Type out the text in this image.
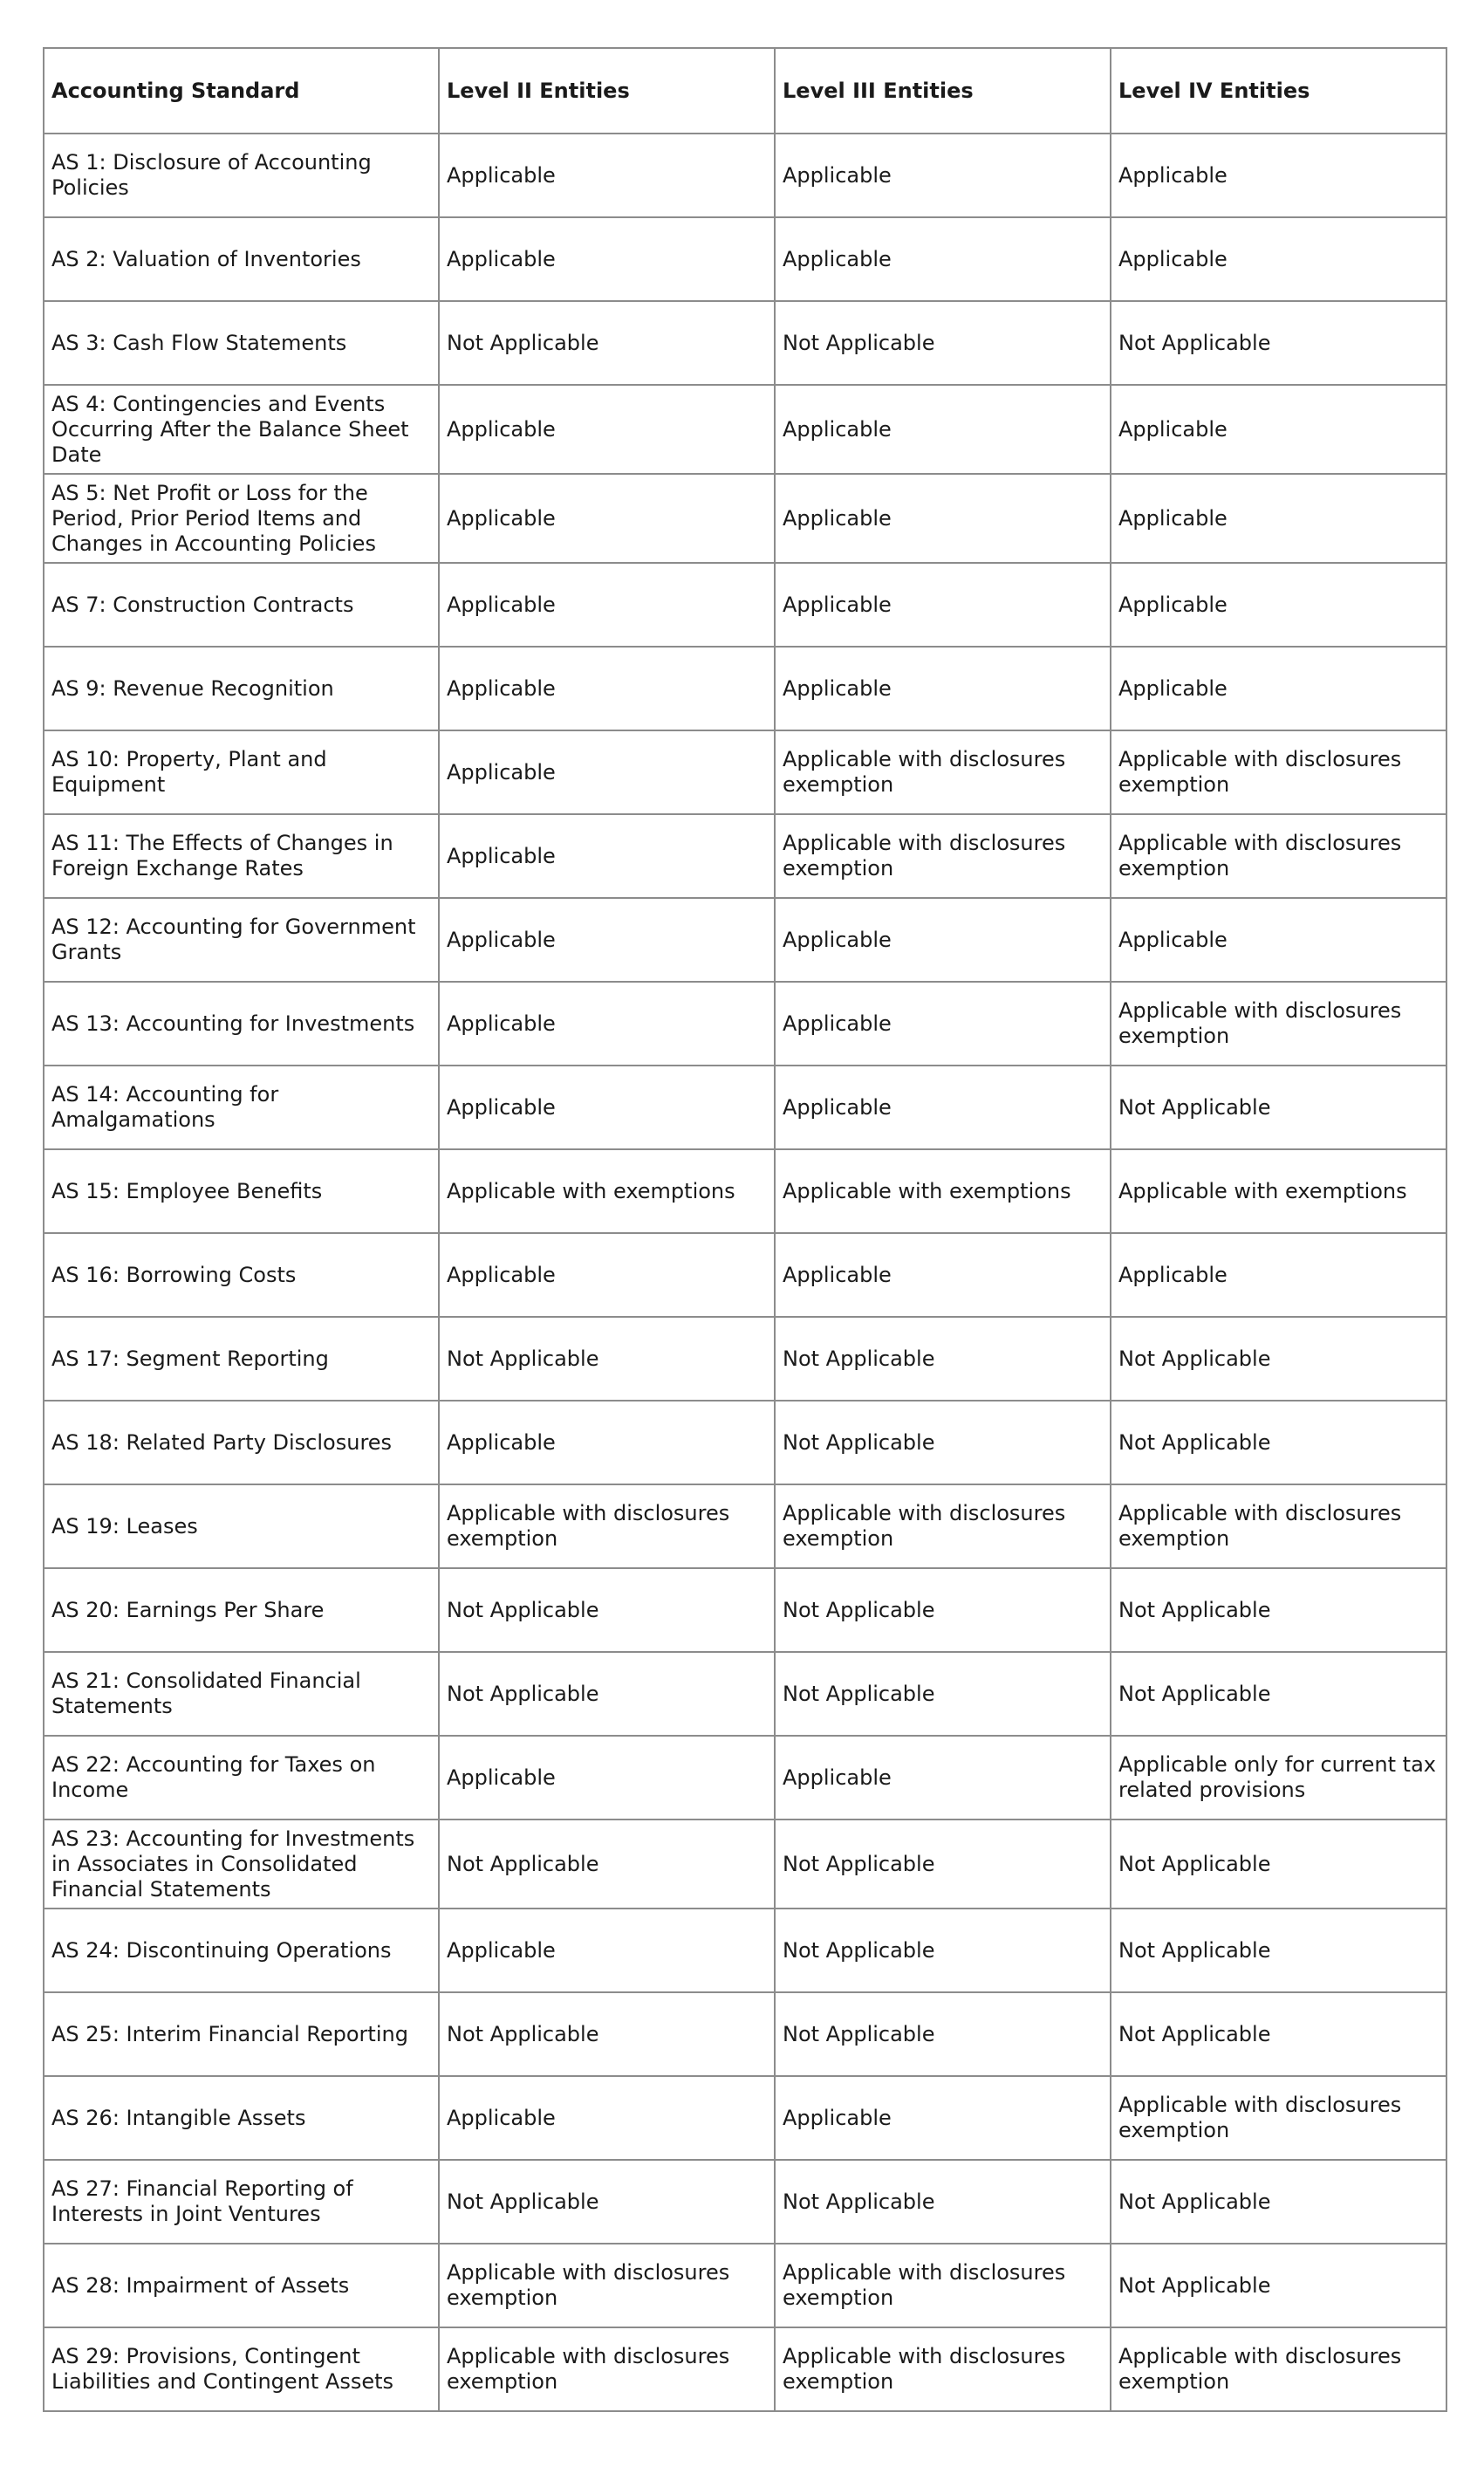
Accounting Standard	Level II Entities	Level III Entities	Level IV Entities
AS 1: Disclosure of Accounting Policies	Applicable	Applicable	Applicable
AS 2: Valuation of Inventories	Applicable	Applicable	Applicable
AS 3: Cash Flow Statements	Not Applicable	Not Applicable	Not Applicable
AS 4: Contingencies and Events Occurring After the Balance Sheet Date	Applicable	Applicable	Applicable
AS 5: Net Profit or Loss for the Period, Prior Period Items and Changes in Accounting Policies	Applicable	Applicable	Applicable
AS 7: Construction Contracts	Applicable	Applicable	Applicable
AS 9: Revenue Recognition	Applicable	Applicable	Applicable
AS 10: Property, Plant and Equipment	Applicable	Applicable with disclosures exemption	Applicable with disclosures exemption
AS 11: The Effects of Changes in Foreign Exchange Rates	Applicable	Applicable with disclosures exemption	Applicable with disclosures exemption
AS 12: Accounting for Government Grants	Applicable	Applicable	Applicable
AS 13: Accounting for Investments	Applicable	Applicable	Applicable with disclosures exemption
AS 14: Accounting for Amalgamations	Applicable	Applicable	Not Applicable
AS 15: Employee Benefits	Applicable with exemptions	Applicable with exemptions	Applicable with exemptions
AS 16: Borrowing Costs	Applicable	Applicable	Applicable
AS 17: Segment Reporting	Not Applicable	Not Applicable	Not Applicable
AS 18: Related Party Disclosures	Applicable	Not Applicable	Not Applicable
AS 19: Leases	Applicable with disclosures exemption	Applicable with disclosures exemption	Applicable with disclosures exemption
AS 20: Earnings Per Share	Not Applicable	Not Applicable	Not Applicable
AS 21: Consolidated Financial Statements	Not Applicable	Not Applicable	Not Applicable
AS 22: Accounting for Taxes on Income	Applicable	Applicable	Applicable only for current tax related provisions
AS 23: Accounting for Investments in Associates in Consolidated Financial Statements	Not Applicable	Not Applicable	Not Applicable
AS 24: Discontinuing Operations	Applicable	Not Applicable	Not Applicable
AS 25: Interim Financial Reporting	Not Applicable	Not Applicable	Not Applicable
AS 26: Intangible Assets	Applicable	Applicable	Applicable with disclosures exemption
AS 27: Financial Reporting of Interests in Joint Ventures	Not Applicable	Not Applicable	Not Applicable
AS 28: Impairment of Assets	Applicable with disclosures exemption	Applicable with disclosures exemption	Not Applicable
AS 29: Provisions, Contingent Liabilities and Contingent Assets	Applicable with disclosures exemption	Applicable with disclosures exemption	Applicable with disclosures exemption
